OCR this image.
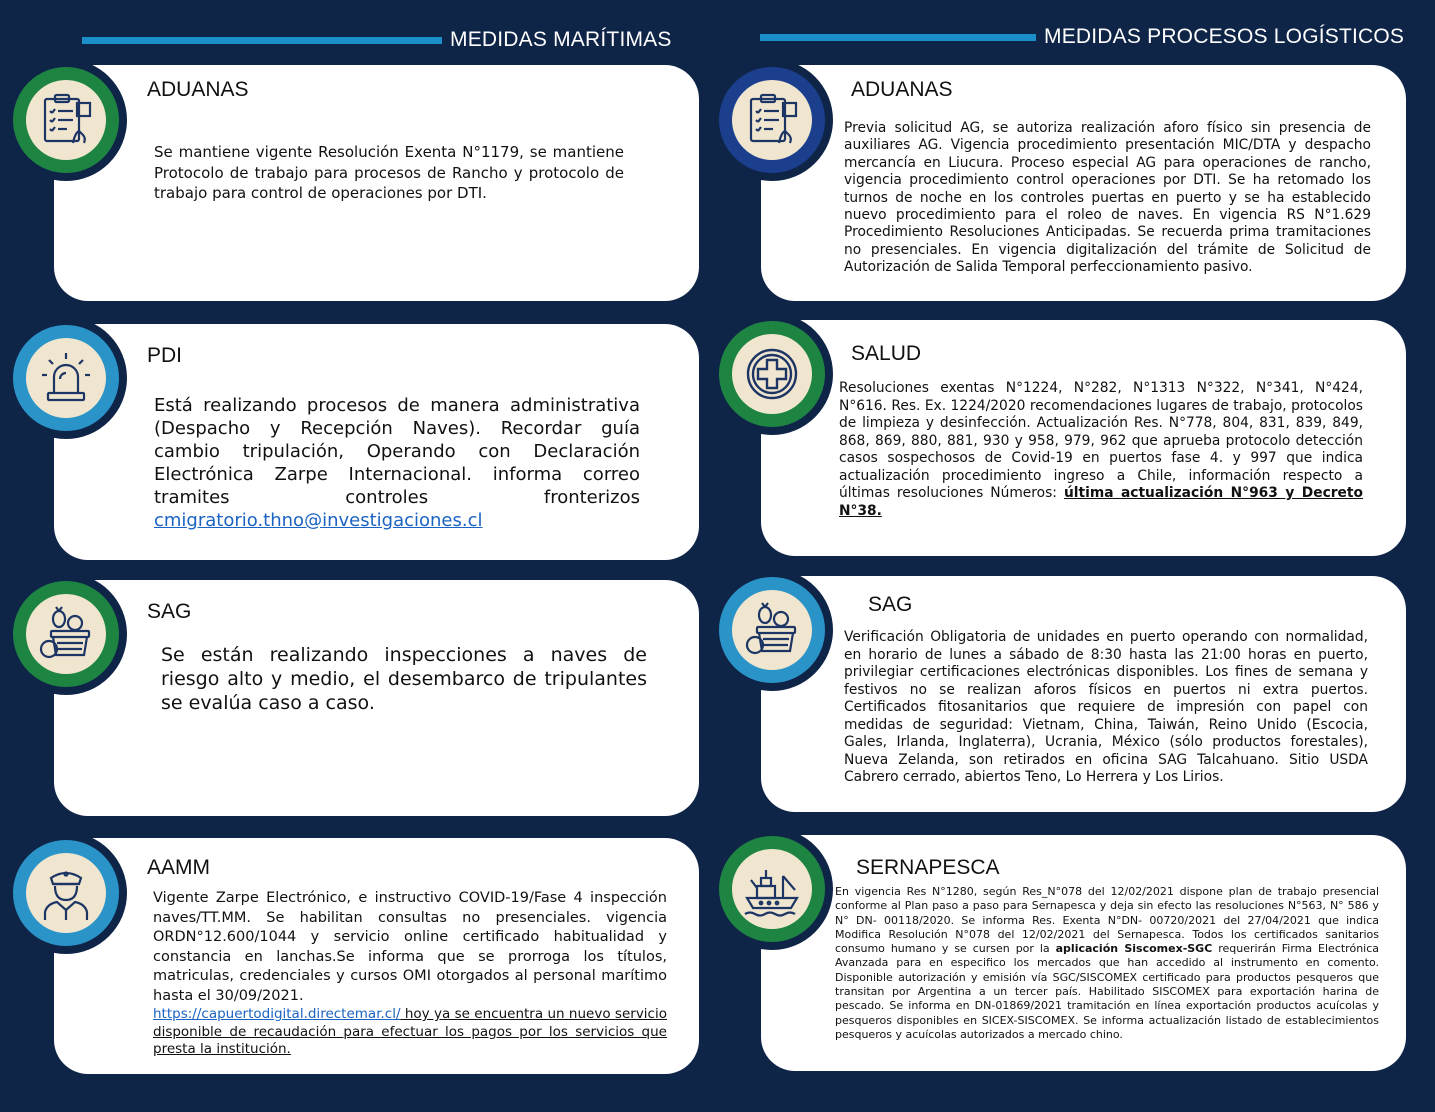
MEDIDAS MARÍTIMAS	MEDIDAS PROCESOS LOGÍSTICOS
ADUANAS
Se mantiene vigente Resolución Exenta N°1179, se mantiene Protocolo de trabajo para procesos de Rancho y protocolo de trabajo para control de operaciones por DTI.
PDI
Está realizando procesos de manera administrativa (Despacho y Recepción Naves). Recordar guía cambio tripulación, Operando con Declaración Electrónica Zarpe Internacional. informa correo tramites controles fronterizos cmigratorio.thno@investigaciones.cl
SAG
Se están realizando inspecciones a naves de riesgo alto y medio, el desembarco de tripulantes se evalúa caso a caso.
AAMM
Vigente Zarpe Electrónico, e instructivo COVID-19/Fase 4 inspección naves/TT.MM. Se habilitan consultas no presenciales. vigencia ORDN°12.600/1044 y servicio online certificado habitualidad y constancia en lanchas.Se informa que se prorroga los títulos, matriculas, credenciales y cursos OMI otorgados al personal marítimo hasta el 30/09/2021.
https://capuertodigital.directemar.cl/ hoy ya se encuentra un nuevo servicio disponible de recaudación para efectuar los pagos por los servicios que presta la institución.
ADUANAS
Previa solicitud AG, se autoriza realización aforo físico sin presencia de auxiliares AG. Vigencia procedimiento presentación MIC/DTA y despacho mercancía en Liucura. Proceso especial AG para operaciones de rancho, vigencia procedimiento control operaciones por DTI. Se ha retomado los turnos de noche en los controles puertas en puerto y se ha establecido nuevo procedimiento para el roleo de naves. En vigencia RS N°1.629 Procedimiento Resoluciones Anticipadas. Se recuerda prima tramitaciones no presenciales. En vigencia digitalización del trámite de Solicitud de Autorización de Salida Temporal perfeccionamiento pasivo.
SALUD
Resoluciones exentas N°1224, N°282, N°1313 N°322, N°341, N°424, N°616. Res. Ex. 1224/2020 recomendaciones lugares de trabajo, protocolos de limpieza y desinfección. Actualización Res. N°778, 804, 831, 839, 849, 868, 869, 880, 881, 930 y 958, 979, 962 que aprueba protocolo detección casos sospechosos de Covid-19 en puertos fase 4. y 997 que indica actualización procedimiento ingreso a Chile, información respecto a últimas resoluciones Números: última actualización N°963 y Decreto N°38.
SAG
Verificación Obligatoria de unidades en puerto operando con normalidad, en horario de lunes a sábado de 8:30 hasta las 21:00 horas en puerto, privilegiar certificaciones electrónicas disponibles. Los fines de semana y festivos no se realizan aforos físicos en puertos ni extra puertos. Certificados fitosanitarios que requiere de impresión con papel con medidas de seguridad: Vietnam, China, Taiwán, Reino Unido (Escocia, Gales, Irlanda, Inglaterra), Ucrania, México (sólo productos forestales), Nueva Zelanda, son retirados en oficina SAG Talcahuano. Sitio USDA Cabrero cerrado, abiertos Teno, Lo Herrera y Los Lirios.
SERNAPESCA
En vigencia Res N°1280, según Res_N°078 del 12/02/2021 dispone plan de trabajo presencial conforme al Plan paso a paso para Sernapesca y deja sin efecto las resoluciones N°563, N° 586 y N° DN- 00118/2020. Se informa Res. Exenta N°DN- 00720/2021 del 27/04/2021 que indica Modifica Resolución N°078 del 12/02/2021 del Sernapesca. Todos los certificados sanitarios consumo humano y se cursen por la aplicación Siscomex-SGC requerirán Firma Electrónica Avanzada para en especifico los mercados que han accedido al instrumento en comento. Disponible autorización y emisión vía SGC/SISCOMEX certificado para productos pesqueros que transitan por Argentina a un tercer país. Habilitado SISCOMEX para exportación harina de pescado. Se informa en DN-01869/2021 tramitación en línea exportación productos acuícolas y pesqueros disponibles en SICEX-SISCOMEX. Se informa actualización listado de establecimientos pesqueros y acuícolas autorizados a mercado chino.
